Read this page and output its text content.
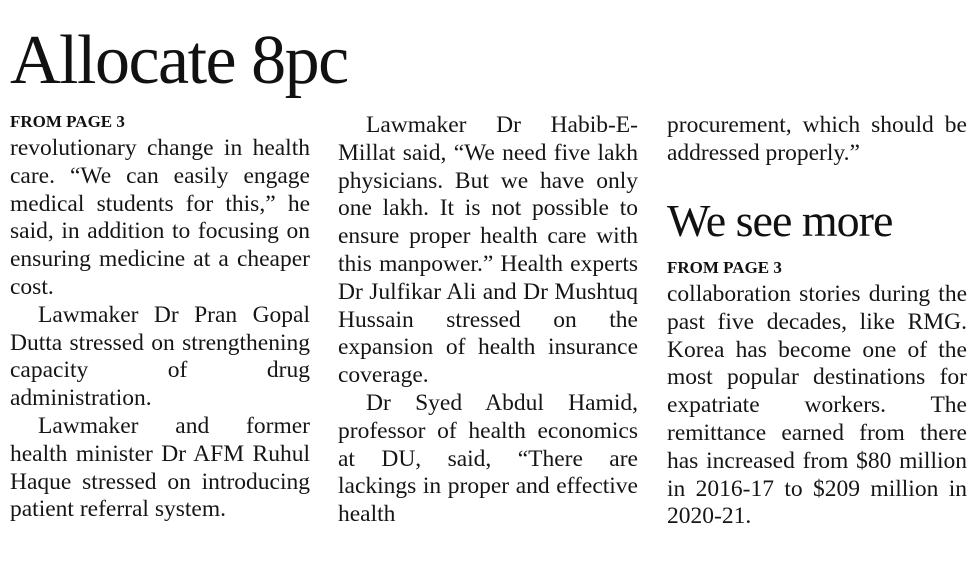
Allocate 8pc
FROM PAGE 3

revolutionary change in health care. “We can easily engage medical students for this,” he said, in addition to focusing on ensuring medicine at a cheaper cost.

Lawmaker Dr Pran Gopal Dutta stressed on strengthening capacity of drug administration.

Lawmaker and former health minister Dr AFM Ruhul Haque stressed on introducing patient referral system.

Lawmaker Dr Habib-E-Millat said, “We need five lakh physicians. But we have only one lakh. It is not possible to ensure proper health care with this manpower.” Health experts Dr Julfikar Ali and Dr Mushtuq Hussain stressed on the expansion of health insurance coverage.

Dr Syed Abdul Hamid, professor of health economics at DU, said, “There are lackings in proper and effective health

procurement, which should be addressed properly.”

We see more
FROM PAGE 3

collaboration stories during the past five decades, like RMG. Korea has become one of the most popular destinations for expatriate workers. The remittance earned from there has increased from $80 million in 2016-17 to $209 million in 2020-21.
